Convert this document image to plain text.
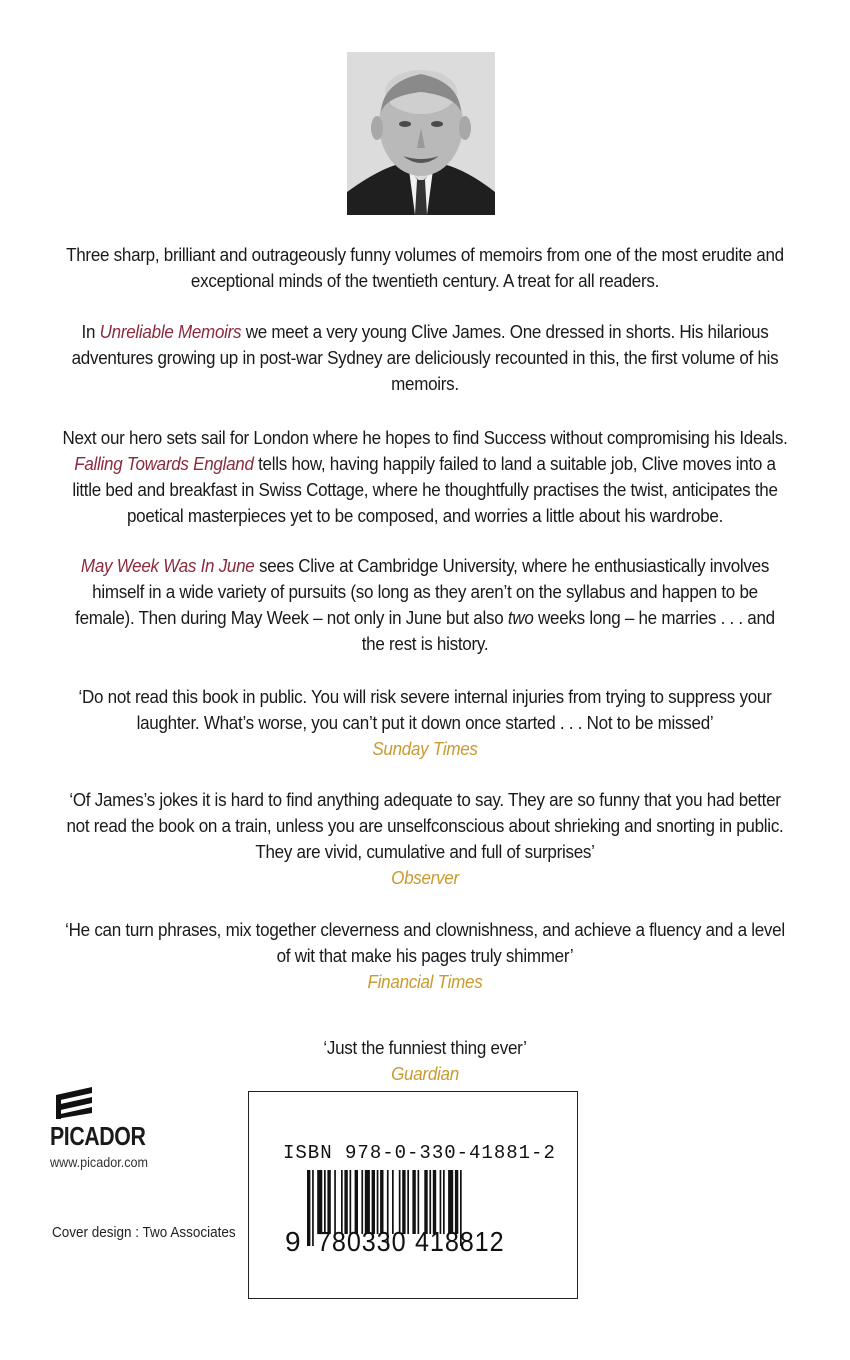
Three sharp, brilliant and outrageously funny volumes of memoirs from one of the most erudite and exceptional minds of the twentieth century. A treat for all readers.
In Unreliable Memoirs we meet a very young Clive James. One dressed in shorts. His hilarious adventures growing up in post-war Sydney are deliciously recounted in this, the first volume of his memoirs.
Next our hero sets sail for London where he hopes to find Success without compromising his Ideals. Falling Towards England tells how, having happily failed to land a suitable job, Clive moves into a little bed and breakfast in Swiss Cottage, where he thoughtfully practises the twist, anticipates the poetical masterpieces yet to be composed, and worries a little about his wardrobe.
May Week Was In June sees Clive at Cambridge University, where he enthusiastically involves himself in a wide variety of pursuits (so long as they aren’t on the syllabus and happen to be female). Then during May Week – not only in June but also two weeks long – he marries . . . and the rest is history.
‘Do not read this book in public. You will risk severe internal injuries from trying to suppress your laughter. What’s worse, you can’t put it down once started . . . Not to be missed’
Sunday Times
‘Of James’s jokes it is hard to find anything adequate to say. They are so funny that you had better not read the book on a train, unless you are unselfconscious about shrieking and snorting in public. They are vivid, cumulative and full of surprises’
Observer
‘He can turn phrases, mix together cleverness and clownishness, and achieve a fluency and a level of wit that make his pages truly shimmer’
Financial Times
‘Just the funniest thing ever’
Guardian
PICADOR
www.picador.com
Cover design : Two Associates
ISBN 978-0-330-41881-2
9 780330 418812
